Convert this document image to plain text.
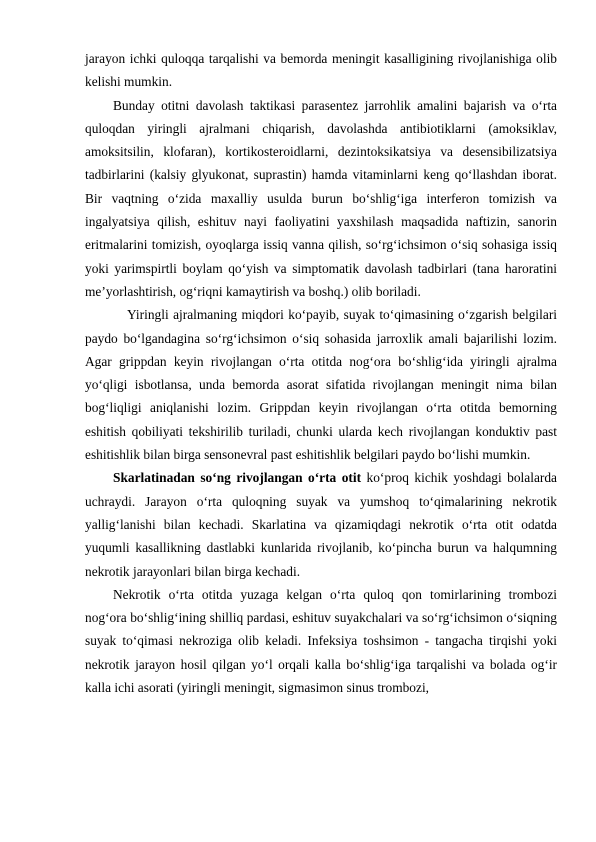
jarayon ichki quloqqa tarqalishi va bemorda meningit kasalligining rivojlanishiga olib kelishi mumkin.

Bunday otitni davolash taktikasi parasentez jarrohlik amalini bajarish va o‘rta quloqdan yiringli ajralmani chiqarish, davolashda antibiotiklarni (amoksiklav, amoksitsilin, klofaran), kortikosteroidlarni, dezintoksikatsiya va desensibilizatsiya tadbirlarini (kalsiy glyukonat, suprastin) hamda vitaminlarni keng qo‘llashdan iborat. Bir vaqtning o‘zida maxalliy usulda burun bo‘shlig‘iga interferon tomizish va ingalyatsiya qilish, eshituv nayi faoliyatini yaxshilash maqsadida naftizin, sanorin eritmalarini tomizish, oyoqlarga issiq vanna qilish, so‘rg‘ichsimon o‘siq sohasiga issiq yoki yarimspirtli boylam qo‘yish va simptomatik davolash tadbirlari (tana haroratini me’yorlashtirish, og‘riqni kamaytirish va boshq.) olib boriladi.

Yiringli ajralmaning miqdori ko‘payib, suyak to‘qimasining o‘zgarish belgilari paydo bo‘lgandagina so‘rg‘ichsimon o‘siq sohasida jarroxlik amali bajarilishi lozim. Agar grippdan keyin rivojlangan o‘rta otitda nog‘ora bo‘shlig‘ida yiringli ajralma yo‘qligi isbotlansa, unda bemorda asorat sifatida rivojlangan meningit nima bilan bog‘liqligi aniqlanishi lozim. Grippdan keyin rivojlangan o‘rta otitda bemorning eshitish qobiliyati tekshirilib turiladi, chunki ularda kech rivojlangan konduktiv past eshitishlik bilan birga sensonevral past eshitishlik belgilari paydo bo‘lishi mumkin.

Skarlatinadan so‘ng rivojlangan o‘rta otit ko‘proq kichik yoshdagi bolalarda uchraydi. Jarayon o‘rta quloqning suyak va yumshoq to‘qimalarining nekrotik yallig‘lanishi bilan kechadi. Skarlatina va qizamiqdagi nekrotik o‘rta otit odatda yuqumli kasallikning dastlabki kunlarida rivojlanib, ko‘pincha burun va halqumning nekrotik jarayonlari bilan birga kechadi.

Nekrotik o‘rta otitda yuzaga kelgan o‘rta quloq qon tomirlarining trombozi nog‘ora bo‘shlig‘ining shilliq pardasi, eshituv suyakchalari va so‘rg‘ichsimon o‘siqning suyak to‘qimasi nekroziga olib keladi. Infeksiya toshsimon - tangacha tirqishi yoki nekrotik jarayon hosil qilgan yo‘l orqali kalla bo‘shlig‘iga tarqalishi va bolada og‘ir kalla ichi asorati (yiringli meningit, sigmasimon sinus trombozi,
